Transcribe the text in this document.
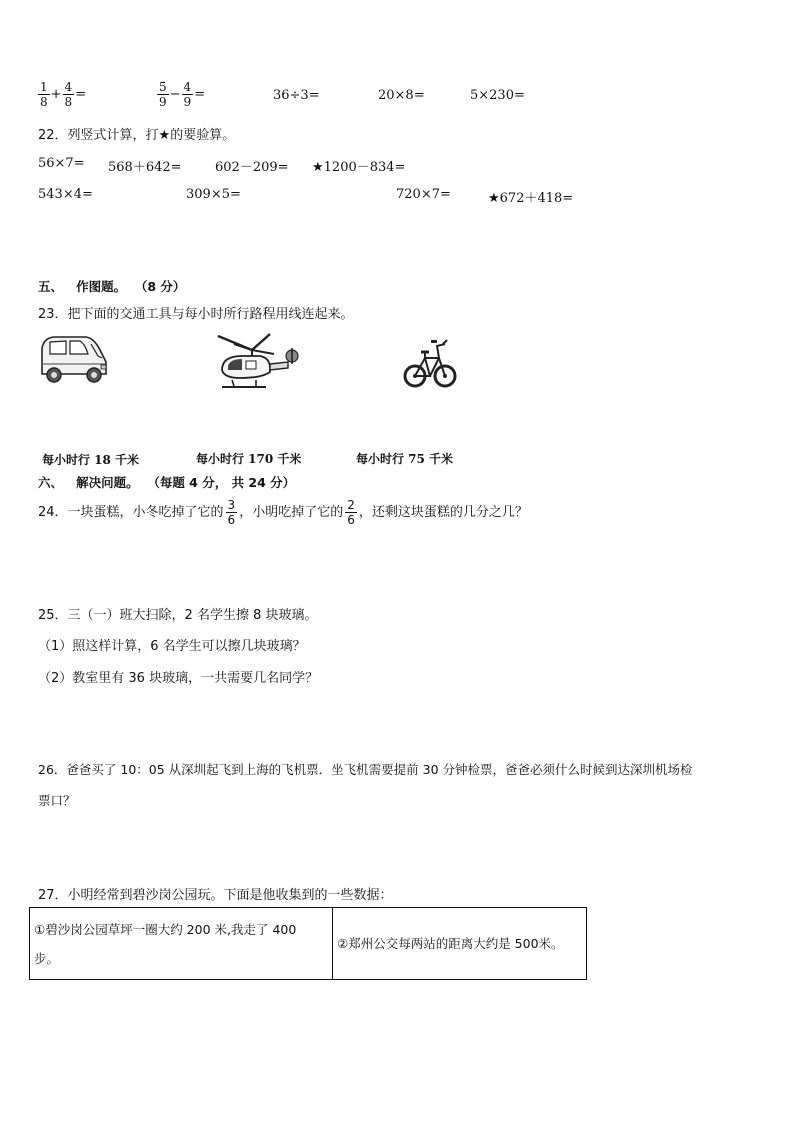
$\frac{1}{8} + \frac{4}{8}$ =	$\frac{5}{9} - \frac{4}{9}$ =	36÷3=	20×8=	5×230=
22．列竖式计算，打★的要验算。
56×7= 568＋642=	602－209= ★1200－834=
543×4=	309×5=	720×7=	★672＋418=
五、 作图题。 （8 分）
23．把下面的交通工具与每小时所行路程用线连起来。
每小时行 18 千米	每小时行 170 千米	每小时行 75 千米
六、 解决问题。 （每题 4 分， 共 24 分）
24．一块蛋糕，小冬吃掉了它的 $\frac{3}{6}$ ，小明吃掉了它的 $\frac{2}{6}$ ，还剩这块蛋糕的几分之几？
25．三（一）班大扫除，2 名学生擦 8 块玻璃。
（1）照这样计算，6 名学生可以擦几块玻璃？
（2）教室里有 36 块玻璃，一共需要几名同学？
26．爸爸买了 10：05 从深圳起飞到上海的飞机票．坐飞机需要提前 30 分钟检票，爸爸必须什么时候到达深圳机场检
票口？
27．小明经常到碧沙岗公园玩。下面是他收集到的一些数据：
①碧沙岗公园草坪一圈大约 200 米,我走了 400
步。
	②郑州公交每两站的距离大约是 500米。
